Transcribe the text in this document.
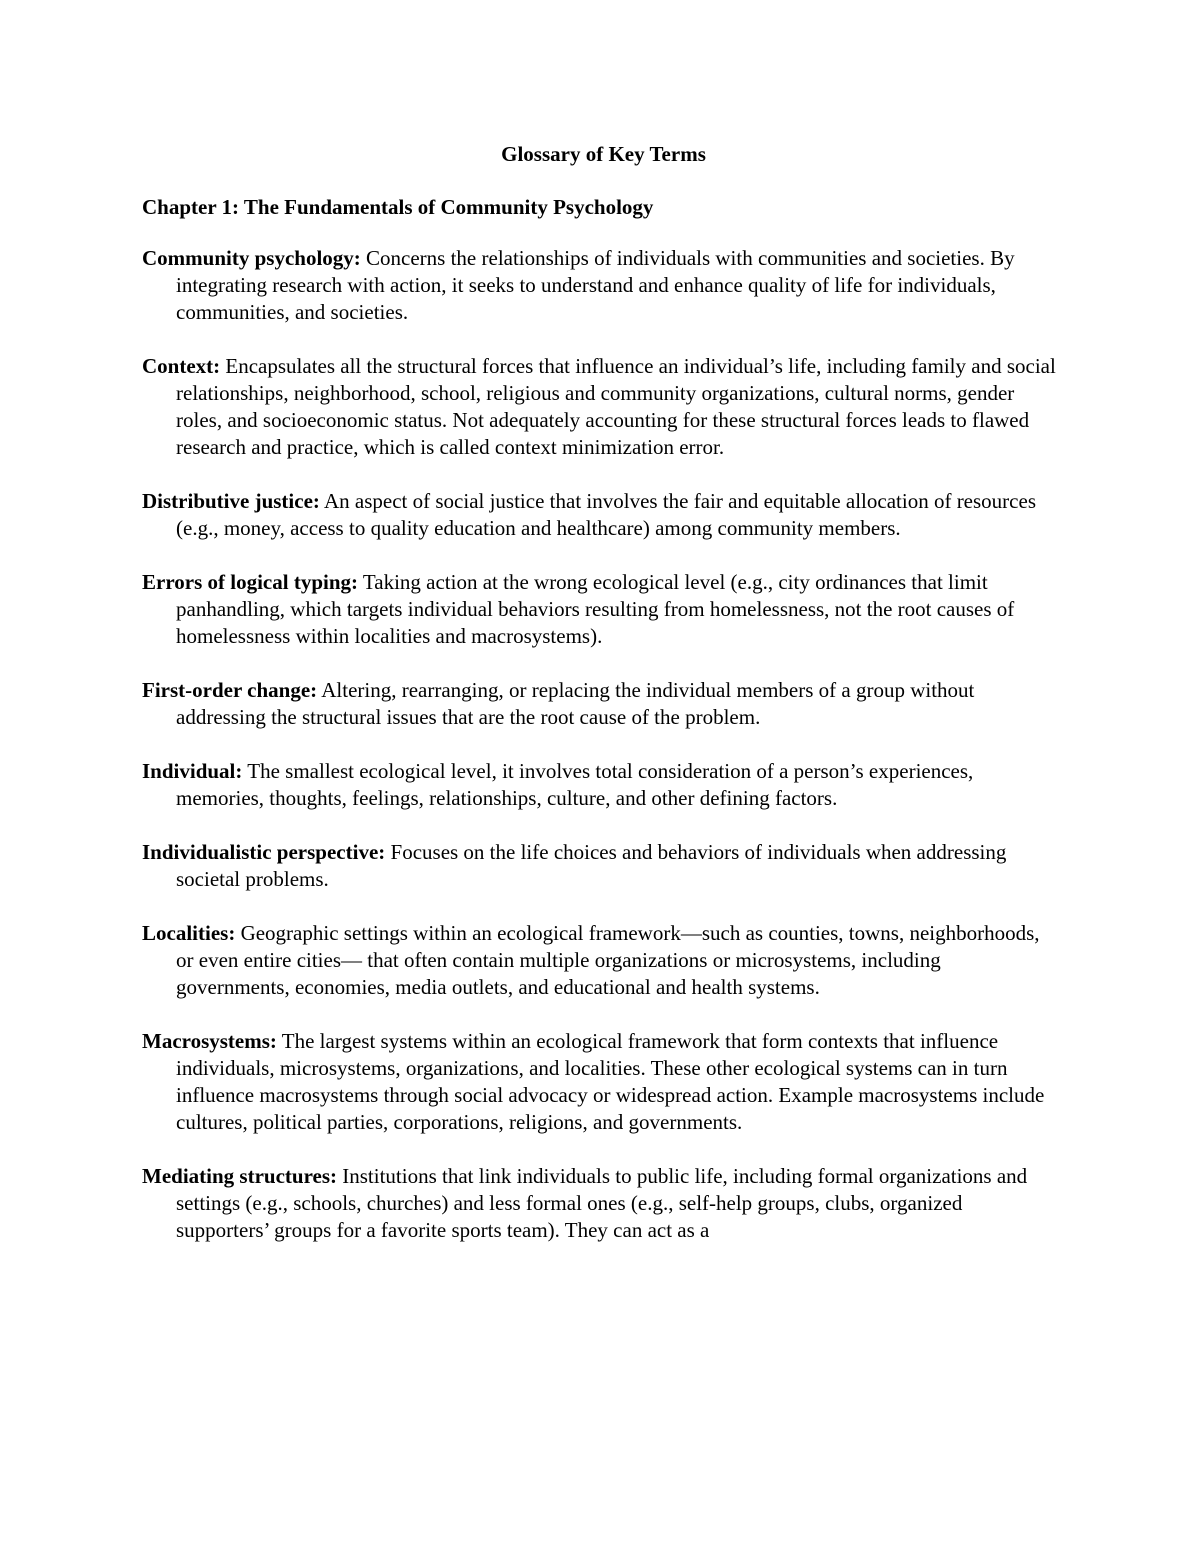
Glossary of Key Terms
Chapter 1: The Fundamentals of Community Psychology
Community psychology: Concerns the relationships of individuals with communities and societies. By integrating research with action, it seeks to understand and enhance quality of life for individuals, communities, and societies.
Context: Encapsulates all the structural forces that influence an individual’s life, including family and social relationships, neighborhood, school, religious and community organizations, cultural norms, gender roles, and socioeconomic status. Not adequately accounting for these structural forces leads to flawed research and practice, which is called context minimization error.
Distributive justice: An aspect of social justice that involves the fair and equitable allocation of resources (e.g., money, access to quality education and healthcare) among community members.
Errors of logical typing: Taking action at the wrong ecological level (e.g., city ordinances that limit panhandling, which targets individual behaviors resulting from homelessness, not the root causes of homelessness within localities and macrosystems).
First-order change: Altering, rearranging, or replacing the individual members of a group without addressing the structural issues that are the root cause of the problem.
Individual: The smallest ecological level, it involves total consideration of a person’s experiences, memories, thoughts, feelings, relationships, culture, and other defining factors.
Individualistic perspective: Focuses on the life choices and behaviors of individuals when addressing societal problems.
Localities: Geographic settings within an ecological framework—such as counties, towns, neighborhoods, or even entire cities— that often contain multiple organizations or microsystems, including governments, economies, media outlets, and educational and health systems.
Macrosystems: The largest systems within an ecological framework that form contexts that influence individuals, microsystems, organizations, and localities. These other ecological systems can in turn influence macrosystems through social advocacy or widespread action. Example macrosystems include cultures, political parties, corporations, religions, and governments.
Mediating structures: Institutions that link individuals to public life, including formal organizations and settings (e.g., schools, churches) and less formal ones (e.g., self-help groups, clubs, organized supporters’ groups for a favorite sports team). They can act as a
